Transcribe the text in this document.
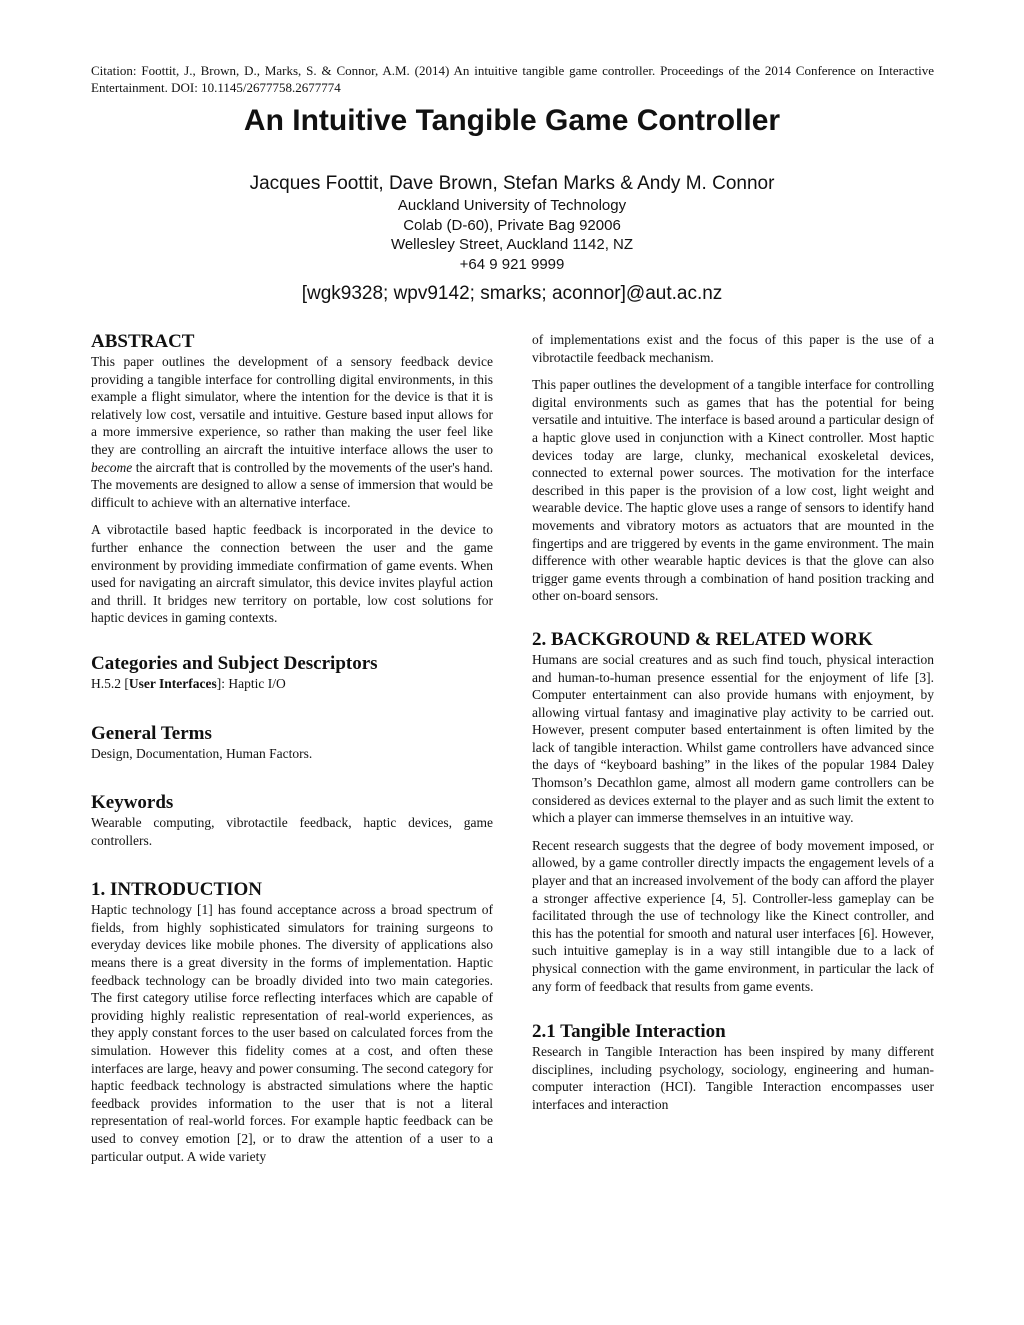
Citation: Foottit, J., Brown, D., Marks, S. & Connor, A.M. (2014) An intuitive tangible game controller. Proceedings of the 2014 Conference on Interactive Entertainment. DOI: 10.1145/2677758.2677774
An Intuitive Tangible Game Controller
Jacques Foottit, Dave Brown, Stefan Marks & Andy M. Connor
Auckland University of Technology
Colab (D-60), Private Bag 92006
Wellesley Street, Auckland 1142, NZ
+64 9 921 9999
[wgk9328; wpv9142; smarks; aconnor]@aut.ac.nz
ABSTRACT

This paper outlines the development of a sensory feedback device providing a tangible interface for controlling digital environments, in this example a flight simulator, where the intention for the device is that it is relatively low cost, versatile and intuitive. Gesture based input allows for a more immersive experience, so rather than making the user feel like they are controlling an aircraft the intuitive interface allows the user to become the aircraft that is controlled by the movements of the user's hand. The movements are designed to allow a sense of immersion that would be difficult to achieve with an alternative interface.

A vibrotactile based haptic feedback is incorporated in the device to further enhance the connection between the user and the game environment by providing immediate confirmation of game events. When used for navigating an aircraft simulator, this device invites playful action and thrill. It bridges new territory on portable, low cost solutions for haptic devices in gaming contexts.

Categories and Subject Descriptors

H.5.2 [User Interfaces]: Haptic I/O

General Terms

Design, Documentation, Human Factors.

Keywords

Wearable computing, vibrotactile feedback, haptic devices, game controllers.

1. INTRODUCTION

Haptic technology [1] has found acceptance across a broad spectrum of fields, from highly sophisticated simulators for training surgeons to everyday devices like mobile phones. The diversity of applications also means there is a great diversity in the forms of implementation. Haptic feedback technology can be broadly divided into two main categories. The first category utilise force reflecting interfaces which are capable of providing highly realistic representation of real-world experiences, as they apply constant forces to the user based on calculated forces from the simulation. However this fidelity comes at a cost, and often these interfaces are large, heavy and power consuming. The second category for haptic feedback technology is abstracted simulations where the haptic feedback provides information to the user that is not a literal representation of real-world forces. For example haptic feedback can be used to convey emotion [2], or to draw the attention of a user to a particular output. A wide variety

of implementations exist and the focus of this paper is the use of a vibrotactile feedback mechanism.

This paper outlines the development of a tangible interface for controlling digital environments such as games that has the potential for being versatile and intuitive. The interface is based around a particular design of a haptic glove used in conjunction with a Kinect controller. Most haptic devices today are large, clunky, mechanical exoskeletal devices, connected to external power sources. The motivation for the interface described in this paper is the provision of a low cost, light weight and wearable device. The haptic glove uses a range of sensors to identify hand movements and vibratory motors as actuators that are mounted in the fingertips and are triggered by events in the game environment. The main difference with other wearable haptic devices is that the glove can also trigger game events through a combination of hand position tracking and other on-board sensors.

2. BACKGROUND & RELATED WORK

Humans are social creatures and as such find touch, physical interaction and human-to-human presence essential for the enjoyment of life [3]. Computer entertainment can also provide humans with enjoyment, by allowing virtual fantasy and imaginative play activity to be carried out. However, present computer based entertainment is often limited by the lack of tangible interaction. Whilst game controllers have advanced since the days of “keyboard bashing” in the likes of the popular 1984 Daley Thomson’s Decathlon game, almost all modern game controllers can be considered as devices external to the player and as such limit the extent to which a player can immerse themselves in an intuitive way.

Recent research suggests that the degree of body movement imposed, or allowed, by a game controller directly impacts the engagement levels of a player and that an increased involvement of the body can afford the player a stronger affective experience [4, 5]. Controller-less gameplay can be facilitated through the use of technology like the Kinect controller, and this has the potential for smooth and natural user interfaces [6]. However, such intuitive gameplay is in a way still intangible due to a lack of physical connection with the game environment, in particular the lack of any form of feedback that results from game events.

2.1 Tangible Interaction

Research in Tangible Interaction has been inspired by many different disciplines, including psychology, sociology, engineering and human-computer interaction (HCI). Tangible Interaction encompasses user interfaces and interaction
